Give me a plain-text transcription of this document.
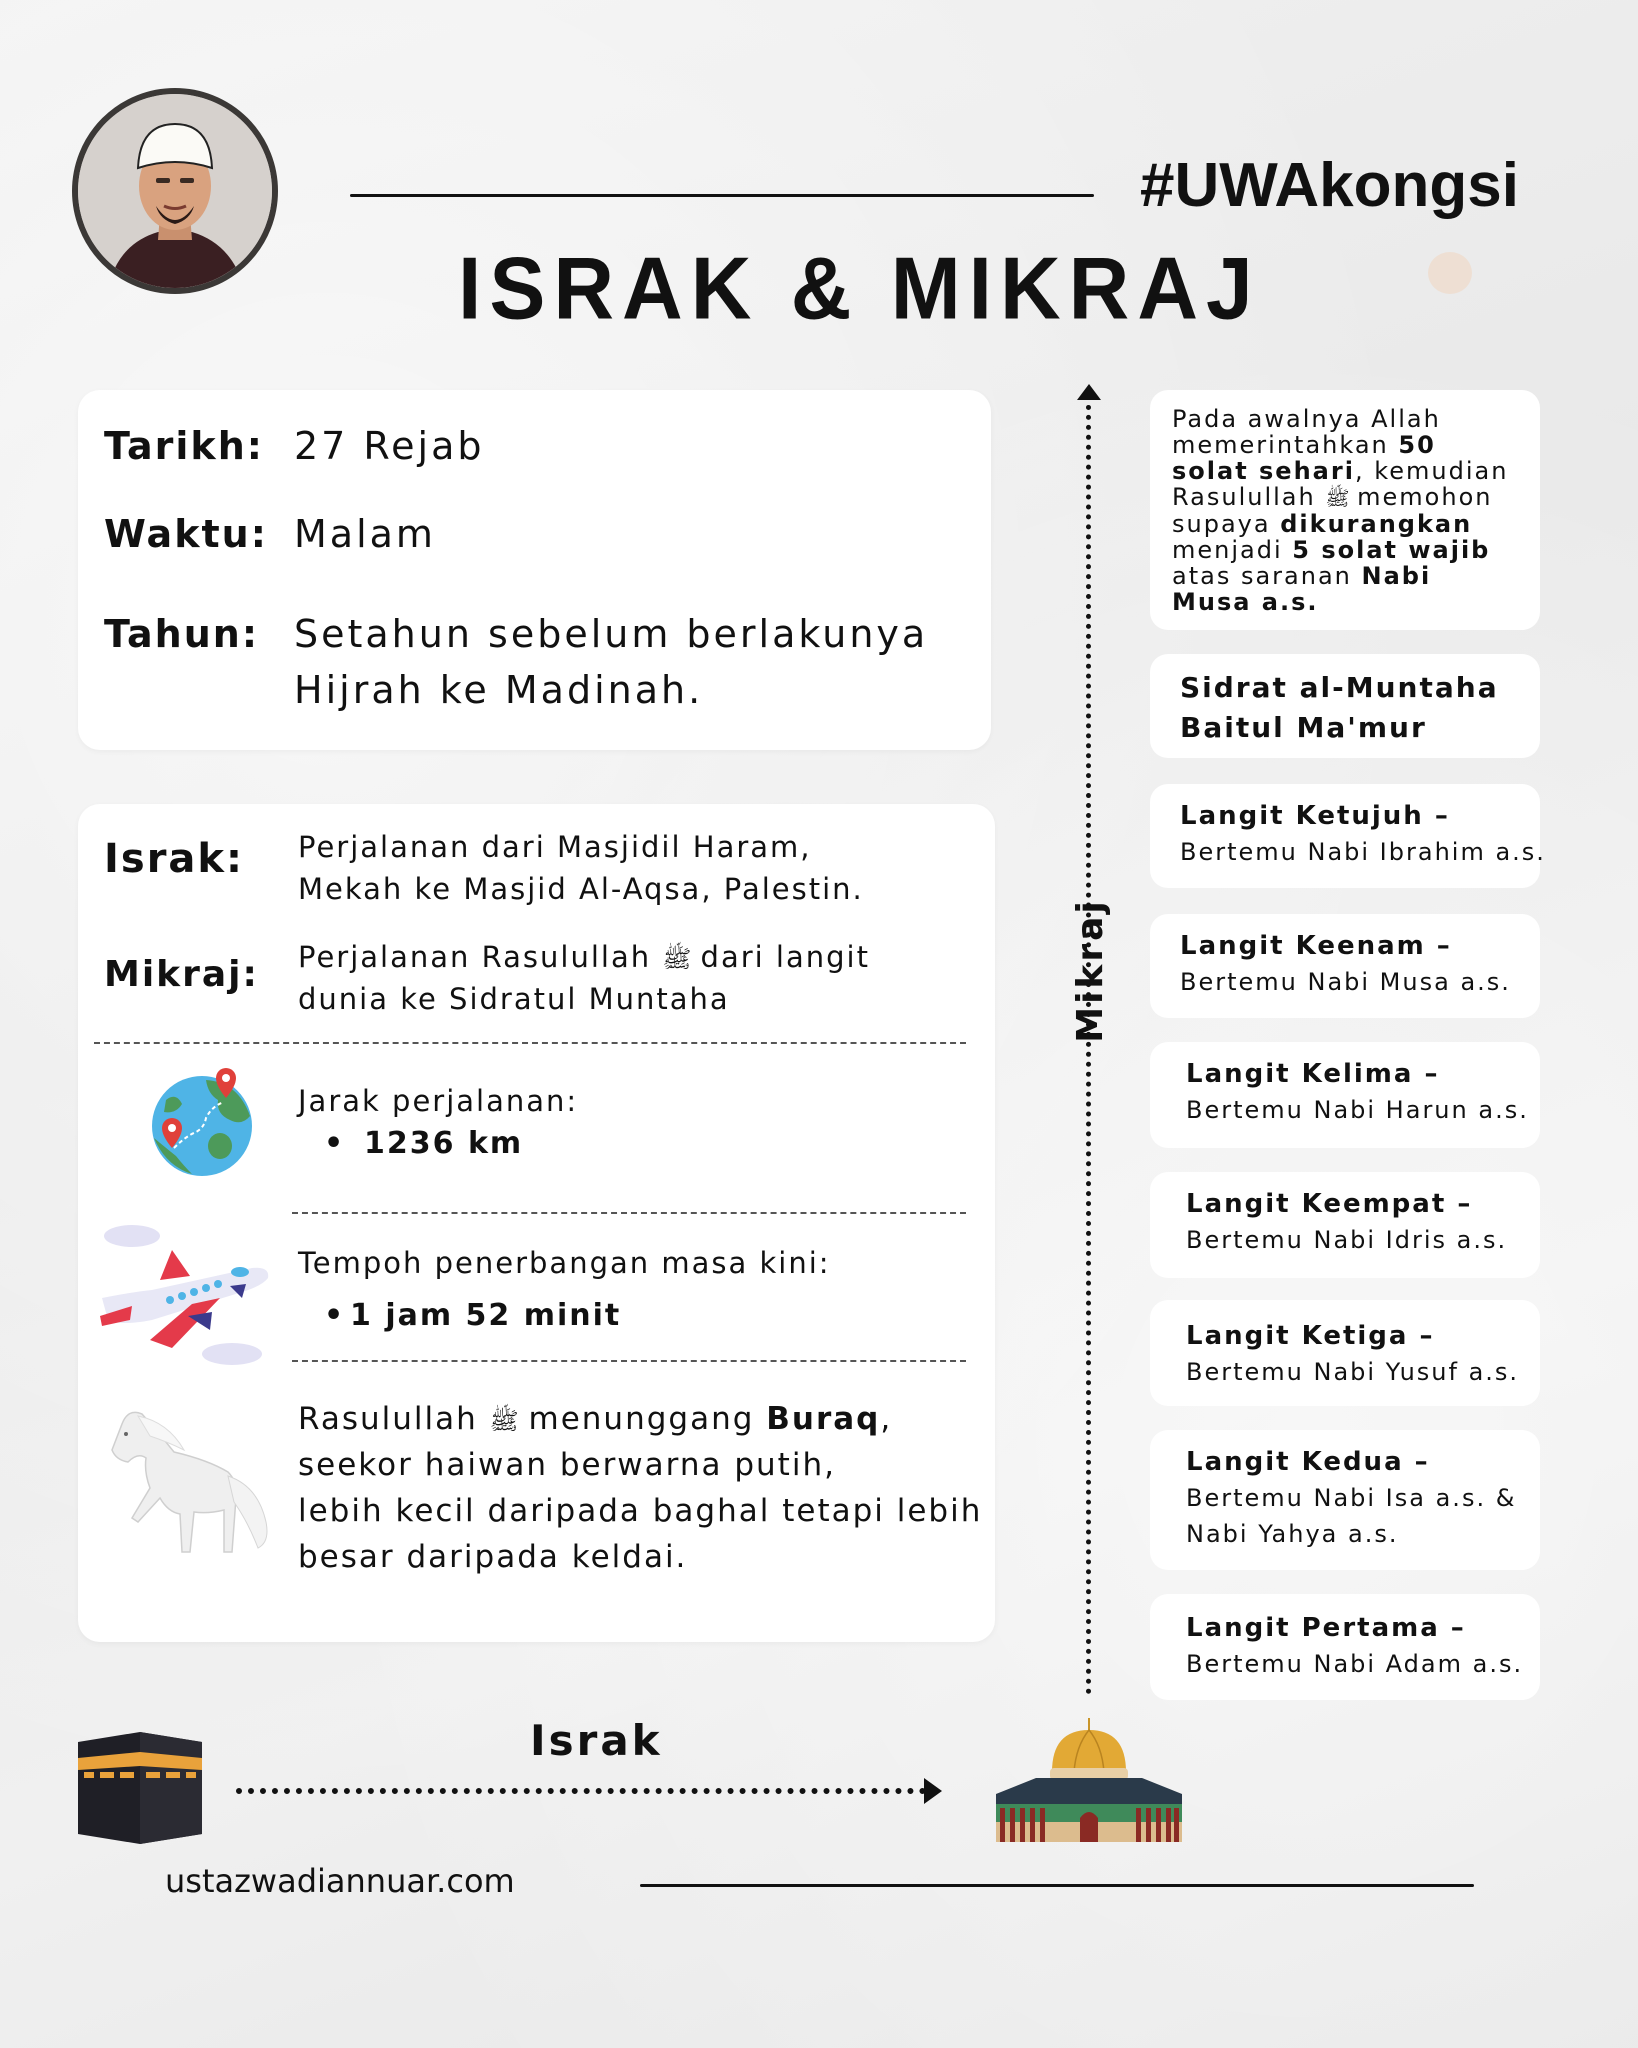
#UWAkongsi
ISRAK & MIKRAJ
Tarikh: 27 Rejab
Waktu: Malam
Tahun: Setahun sebelum berlakunya
Hijrah ke Madinah.
Israk: Perjalanan dari Masjidil Haram,
Mekah ke Masjid Al-Aqsa, Palestin.
Mikraj: Perjalanan Rasulullah ﷺ dari langit
dunia ke Sidratul Muntaha
Jarak perjalanan:
• 1236 km
Tempoh penerbangan masa kini:
• 1 jam 52 minit
Rasulullah ﷺ menunggang Buraq,
seekor haiwan berwarna putih,
lebih kecil daripada baghal tetapi lebih
besar daripada keldai.
Mikraj
Pada awalnya Allah memerintahkan 50 solat sehari, kemudian Rasulullah ﷺ memohon supaya dikurangkan menjadi 5 solat wajib atas saranan Nabi Musa a.s.
Sidrat al-Muntaha
Baitul Ma'mur
Langit Ketujuh –
Bertemu Nabi Ibrahim a.s.
Langit Keenam –
Bertemu Nabi Musa a.s.
Langit Kelima –
Bertemu Nabi Harun a.s.
Langit Keempat –
Bertemu Nabi Idris a.s.
Langit Ketiga –
Bertemu Nabi Yusuf a.s.
Langit Kedua –
Bertemu Nabi Isa a.s. &
Nabi Yahya a.s.
Langit Pertama –
Bertemu Nabi Adam a.s.
Israk
ustazwadiannuar.com
